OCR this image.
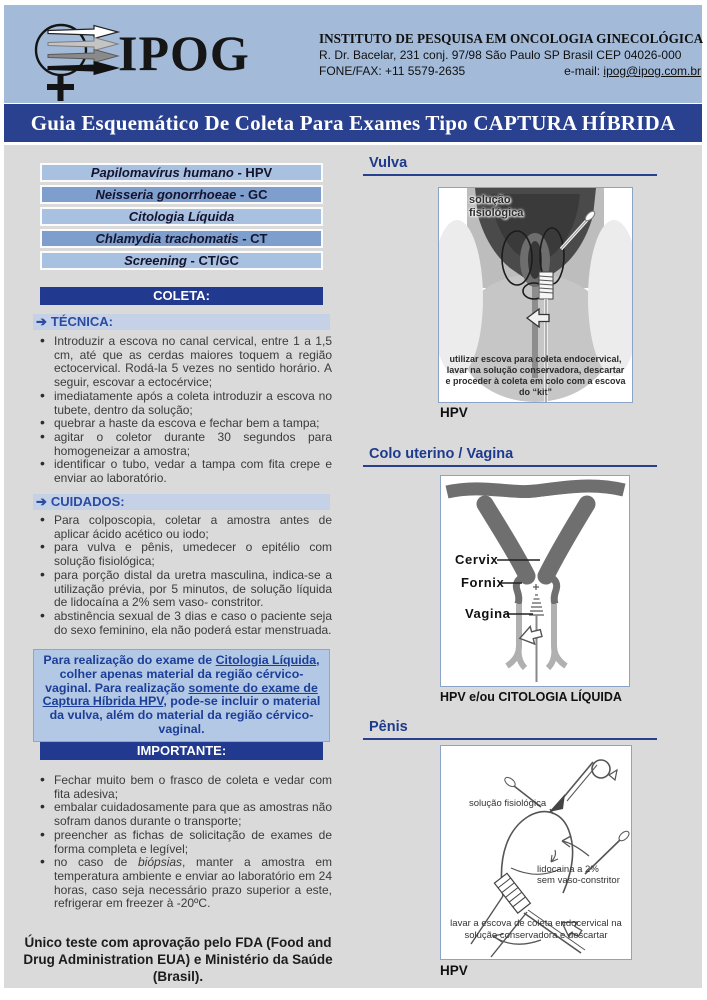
IPOG	INSTITUTO DE PESQUISA EM ONCOLOGIA GINECOLÓGICA
R. Dr. Bacelar, 231 conj. 97/98 São Paulo SP Brasil CEP 04026-000
FONE/FAX: +11 5579-2635	e-mail: ipog@ipog.com.br
Guia Esquemático De Coleta Para Exames Tipo CAPTURA HÍBRIDA
Papilomavírus humano - HPV
Neisseria gonorrhoeae - GC
Citologia Líquida
Chlamydia trachomatis - CT
Screening - CT/GC
COLETA:
➔ TÉCNICA:
• Introduzir a escova no canal cervical, entre 1 a 1,5 cm, até que as cerdas maiores toquem a região ectocervical. Rodá-la 5 vezes no sentido horário. A seguir, escovar a ectocérvice;
• imediatamente após a coleta introduzir a escova no tubete, dentro da solução;
• quebrar a haste da escova e fechar bem a tampa;
• agitar o coletor durante 30 segundos para homogeneizar a amostra;
• identificar o tubo, vedar a tampa com fita crepe e enviar ao laboratório.
➔ CUIDADOS:
• Para colposcopia, coletar a amostra antes de aplicar ácido acético ou iodo;
• para vulva e pênis, umedecer o epitélio com solução fisiológica;
• para porção distal da uretra masculina, indica-se a utilização prévia, por 5 minutos, de solução líquida de lidocaína a 2% sem vaso- constritor.
• abstinência sexual de 3 dias e caso o paciente seja do sexo feminino, ela não poderá estar menstruada.
Para realização do exame de Citologia Líquida, colher apenas material da região cérvico-vaginal. Para realização somente do exame de Captura Híbrida HPV, pode-se incluir o material da vulva, além do material da região cérvico-vaginal.
IMPORTANTE:
• Fechar muito bem o frasco de coleta e vedar com fita adesiva;
• embalar cuidadosamente para que as amostras não sofram danos durante o transporte;
• preencher as fichas de solicitação de exames de forma completa e legível;
• no caso de biópsias, manter a amostra em temperatura ambiente e enviar ao laboratório em 24 horas, caso seja necessário prazo superior a este, refrigerar em freezer à -20ºC.
Único teste com aprovação pelo FDA (Food and Drug Administration EUA) e Ministério da Saúde (Brasil).
Vulva
solução fisiológica
utilizar escova para coleta endocervical, lavar na solução conservadora, descartar e proceder à coleta em colo com a escova do “kit”
HPV
Colo uterino / Vagina
Cervix
Fornix
Vagina
HPV e/ou CITOLOGIA LÍQUIDA
Pênis
solução fisiológica
lidocaina a 2%
sem vaso-constritor
lavar a escova de coleta endocervical na solução conservadora e descartar
HPV
